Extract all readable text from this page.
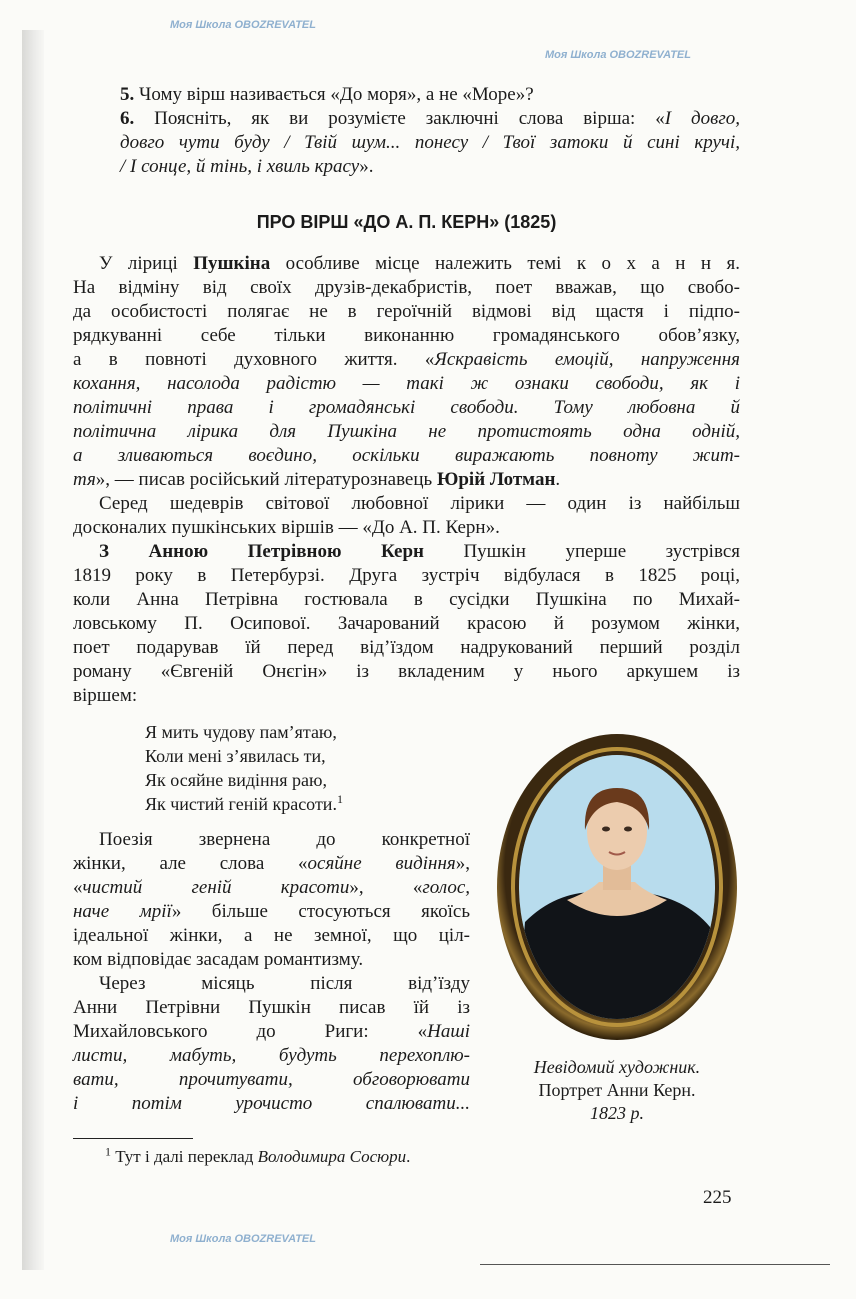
5. Чому вірш називається «До моря», а не «Море»?
6. Поясніть, як ви розумієте заключні слова вірша: «І довго,
довго чути буду / Твій шум... понесу / Твої затоки й сині кручі,
/ І сонце, й тінь, і хвиль красу».
ПРО ВІРШ «ДО А. П. КЕРН» (1825)
У ліриці Пушкіна особливе місце належить темі к о х а н н я.
На відміну від своїх друзів-декабристів, поет вважав, що свобо-
да особистості полягає не в героїчній відмові від щастя і підпо-
рядкуванні себе тільки виконанню громадянського обов’язку,
а в повноті духовного життя. «Яскравість емоцій, напруження
кохання, насолода радістю — такі ж ознаки свободи, як і
політичні права і громадянські свободи. Тому любовна й
політична лірика для Пушкіна не протистоять одна одній,
а зливаються воєдино, оскільки виражають повноту жит-
тя», — писав російський літературознавець Юрій Лотман.
Серед шедеврів світової любовної лірики — один із найбільш
досконалих пушкінських віршів — «До А. П. Керн».
З Анною Петрівною Керн Пушкін уперше зустрівся
1819 року в Петербурзі. Друга зустріч відбулася в 1825 році,
коли Анна Петрівна гостювала в сусідки Пушкіна по Михай-
ловському П. Осипової. Зачарований красою й розумом жінки,
поет подарував їй перед від’їздом надрукований перший розділ
роману «Євгеній Онєгін» із вкладеним у нього аркушем із
віршем:
Я мить чудову пам’ятаю,
Коли мені з’явилась ти,
Як осяйне видіння раю,
Як чистий геній красоти.$^1$
Поезія звернена до конкретної
жінки, але слова «осяйне видіння»,
«чистий геній красоти», «голос,
наче мрії» більше стосуються якоїсь
ідеальної жінки, а не земної, що ціл-
ком відповідає засадам романтизму.
Через місяць після від’їзду
Анни Петрівни Пушкін писав їй із
Михайловського до Риги: «Наші
листи, мабуть, будуть перехоплю-
вати, прочитувати, обговорювати
і потім урочисто спалювати...
Невідомий художник.
Портрет Анни Керн.
1823 р.
$^1$ Тут і далі переклад Володимира Сосюри.
225
Моя Школа OBOZREVATEL
Моя Школа OBOZREVATEL
Моя Школа OBOZREVATEL
